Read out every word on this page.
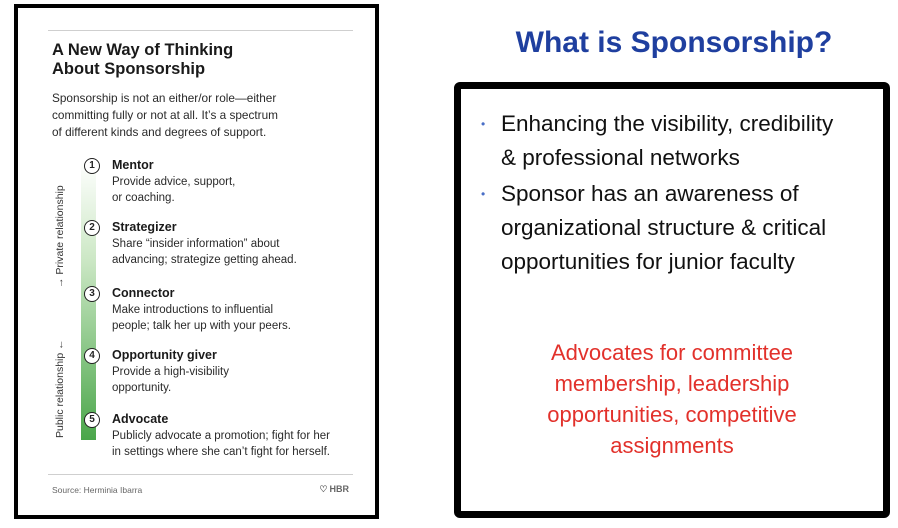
A New Way of Thinking
About Sponsorship
Sponsorship is not an either/or role—either
committing fully or not at all. It’s a spectrum
of different kinds and degrees of support.
→ Private relationship
Public relationship ←
1	Mentor
Provide advice, support,
or coaching.
2	Strategizer
Share “insider information” about
advancing; strategize getting ahead.
3	Connector
Make introductions to influential
people; talk her up with your peers.
4	Opportunity giver
Provide a high-visibility
opportunity.
5	Advocate
Publicly advocate a promotion; fight for her
in settings where she can’t fight for herself.
Source: Herminia Ibarra	♡ HBR
What is Sponsorship?
• Enhancing the visibility, credibility
& professional networks
• Sponsor has an awareness of
organizational structure & critical
opportunities for junior faculty
Advocates for committee
membership, leadership
opportunities, competitive
assignments
